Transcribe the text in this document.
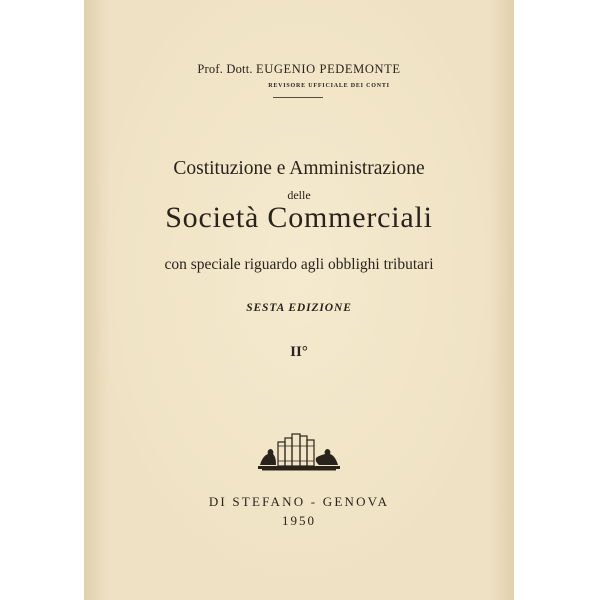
Prof. Dott. EUGENIO PEDEMONTE
REVISORE UFFICIALE DEI CONTI
Costituzione e Amministrazione
delle
Società Commerciali
con speciale riguardo agli obblighi tributari
SESTA EDIZIONE
II°
DI STEFANO - GENOVA
1950
